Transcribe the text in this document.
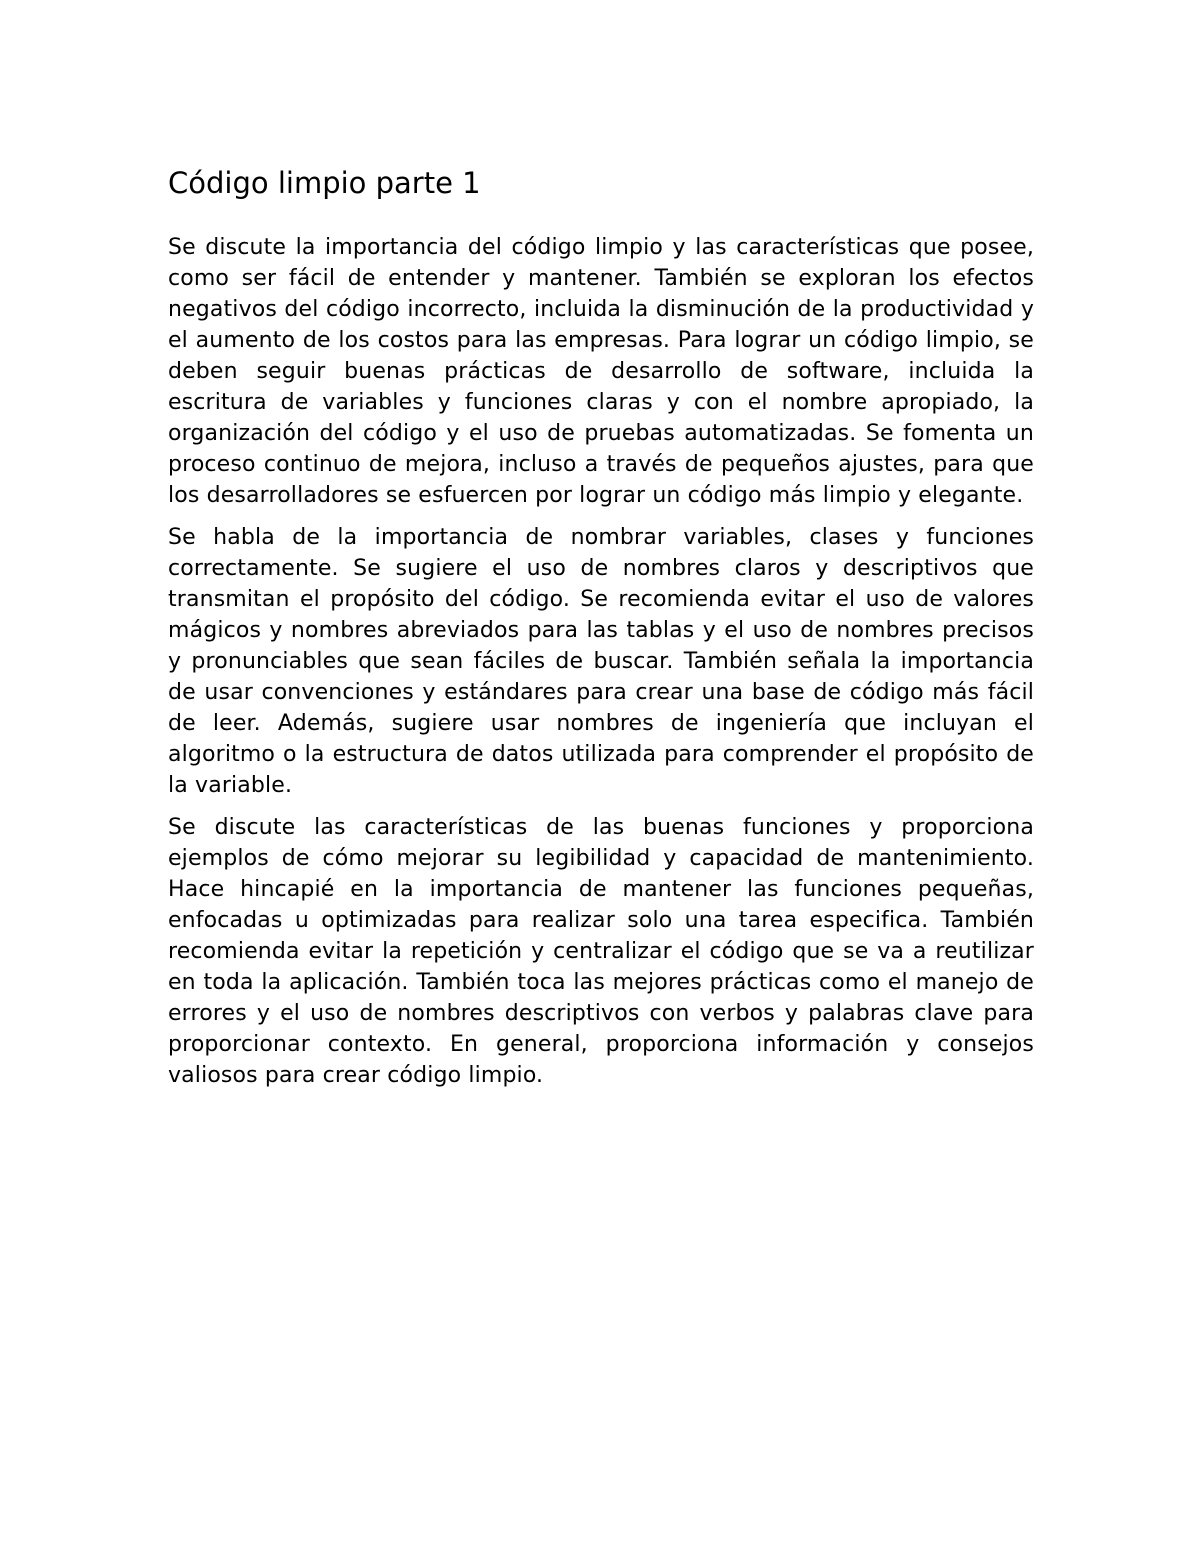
Código limpio parte 1

Se discute la importancia del código limpio y las características que posee, como ser fácil de entender y mantener. También se exploran los efectos negativos del código incorrecto, incluida la disminución de la productividad y el aumento de los costos para las empresas. Para lograr un código limpio, se deben seguir buenas prácticas de desarrollo de software, incluida la escritura de variables y funciones claras y con el nombre apropiado, la organización del código y el uso de pruebas automatizadas. Se fomenta un proceso continuo de mejora, incluso a través de pequeños ajustes, para que los desarrolladores se esfuercen por lograr un código más limpio y elegante.

Se habla de la importancia de nombrar variables, clases y funciones correctamente. Se sugiere el uso de nombres claros y descriptivos que transmitan el propósito del código. Se recomienda evitar el uso de valores mágicos y nombres abreviados para las tablas y el uso de nombres precisos y pronunciables que sean fáciles de buscar. También señala la importancia de usar convenciones y estándares para crear una base de código más fácil de leer. Además, sugiere usar nombres de ingeniería que incluyan el algoritmo o la estructura de datos utilizada para comprender el propósito de la variable.

Se discute las características de las buenas funciones y proporciona ejemplos de cómo mejorar su legibilidad y capacidad de mantenimiento. Hace hincapié en la importancia de mantener las funciones pequeñas, enfocadas u optimizadas para realizar solo una tarea especifica. También recomienda evitar la repetición y centralizar el código que se va a reutilizar en toda la aplicación. También toca las mejores prácticas como el manejo de errores y el uso de nombres descriptivos con verbos y palabras clave para proporcionar contexto. En general, proporciona información y consejos valiosos para crear código limpio.
